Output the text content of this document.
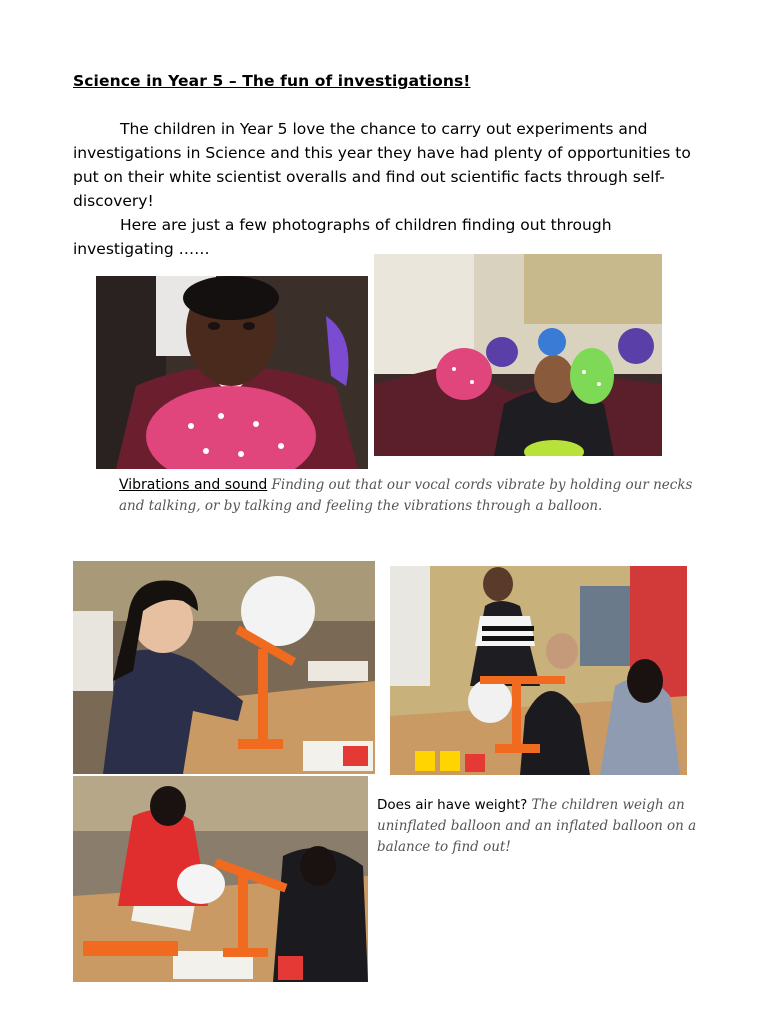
Science in Year 5 – The fun of investigations!

The children in Year 5 love the chance to carry out experiments and investigations in Science and this year they have had plenty of opportunities to put on their white scientist overalls and find out scientific facts through self-discovery!

Here are just a few photographs of children finding out through investigating ……

Vibrations and sound Finding out that our vocal cords vibrate by holding our necks and talking, or by talking and feeling the vibrations through a balloon.

Does air have weight? The children weigh an uninflated balloon and an inflated balloon on a balance to find out!
